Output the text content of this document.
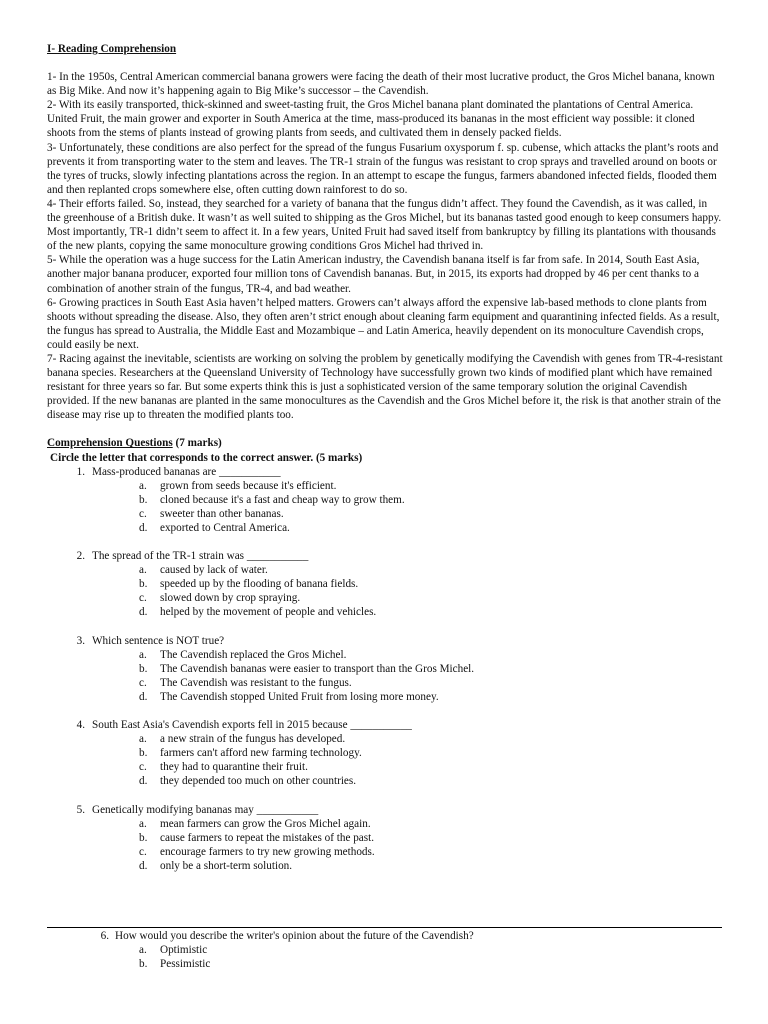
I- Reading Comprehension

1- In the 1950s, Central American commercial banana growers were facing the death of their most lucrative product, the Gros Michel banana, known as Big Mike. And now it’s happening again to Big Mike’s successor – the Cavendish.

2- With its easily transported, thick-skinned and sweet-tasting fruit, the Gros Michel banana plant dominated the plantations of Central America. United Fruit, the main grower and exporter in South America at the time, mass-produced its bananas in the most efficient way possible: it cloned shoots from the stems of plants instead of growing plants from seeds, and cultivated them in densely packed fields.

3- Unfortunately, these conditions are also perfect for the spread of the fungus Fusarium oxysporum f. sp. cubense, which attacks the plant’s roots and prevents it from transporting water to the stem and leaves. The TR-1 strain of the fungus was resistant to crop sprays and travelled around on boots or the tyres of trucks, slowly infecting plantations across the region. In an attempt to escape the fungus, farmers abandoned infected fields, flooded them and then replanted crops somewhere else, often cutting down rainforest to do so.

4- Their efforts failed. So, instead, they searched for a variety of banana that the fungus didn’t affect. They found the Cavendish, as it was called, in the greenhouse of a British duke. It wasn’t as well suited to shipping as the Gros Michel, but its bananas tasted good enough to keep consumers happy. Most importantly, TR-1 didn’t seem to affect it. In a few years, United Fruit had saved itself from bankruptcy by filling its plantations with thousands of the new plants, copying the same monoculture growing conditions Gros Michel had thrived in.

5- While the operation was a huge success for the Latin American industry, the Cavendish banana itself is far from safe. In 2014, South East Asia, another major banana producer, exported four million tons of Cavendish bananas. But, in 2015, its exports had dropped by 46 per cent thanks to a combination of another strain of the fungus, TR-4, and bad weather.

6- Growing practices in South East Asia haven’t helped matters. Growers can’t always afford the expensive lab-based methods to clone plants from shoots without spreading the disease. Also, they often aren’t strict enough about cleaning farm equipment and quarantining infected fields. As a result, the fungus has spread to Australia, the Middle East and Mozambique – and Latin America, heavily dependent on its monoculture Cavendish crops, could easily be next.

7- Racing against the inevitable, scientists are working on solving the problem by genetically modifying the Cavendish with genes from TR-4-resistant banana species. Researchers at the Queensland University of Technology have successfully grown two kinds of modified plant which have remained resistant for three years so far. But some experts think this is just a sophisticated version of the same temporary solution the original Cavendish provided. If the new bananas are planted in the same monocultures as the Cavendish and the Gros Michel before it, the risk is that another strain of the disease may rise up to threaten the modified plants too.

Comprehension Questions (7 marks)
Circle the letter that corresponds to the correct answer. (5 marks)
1. Mass-produced bananas are ___________
a. grown from seeds because it's efficient.
b. cloned because it's a fast and cheap way to grow them.
c. sweeter than other bananas.
d. exported to Central America.
2. The spread of the TR-1 strain was ___________
a. caused by lack of water.
b. speeded up by the flooding of banana fields.
c. slowed down by crop spraying.
d. helped by the movement of people and vehicles.
3. Which sentence is NOT true?
a. The Cavendish replaced the Gros Michel.
b. The Cavendish bananas were easier to transport than the Gros Michel.
c. The Cavendish was resistant to the fungus.
d. The Cavendish stopped United Fruit from losing more money.
4. South East Asia's Cavendish exports fell in 2015 because ___________
a. a new strain of the fungus has developed.
b. farmers can't afford new farming technology.
c. they had to quarantine their fruit.
d. they depended too much on other countries.
5. Genetically modifying bananas may ___________
a. mean farmers can grow the Gros Michel again.
b. cause farmers to repeat the mistakes of the past.
c. encourage farmers to try new growing methods.
d. only be a short-term solution.
6. How would you describe the writer's opinion about the future of the Cavendish?
a. Optimistic
b. Pessimistic
